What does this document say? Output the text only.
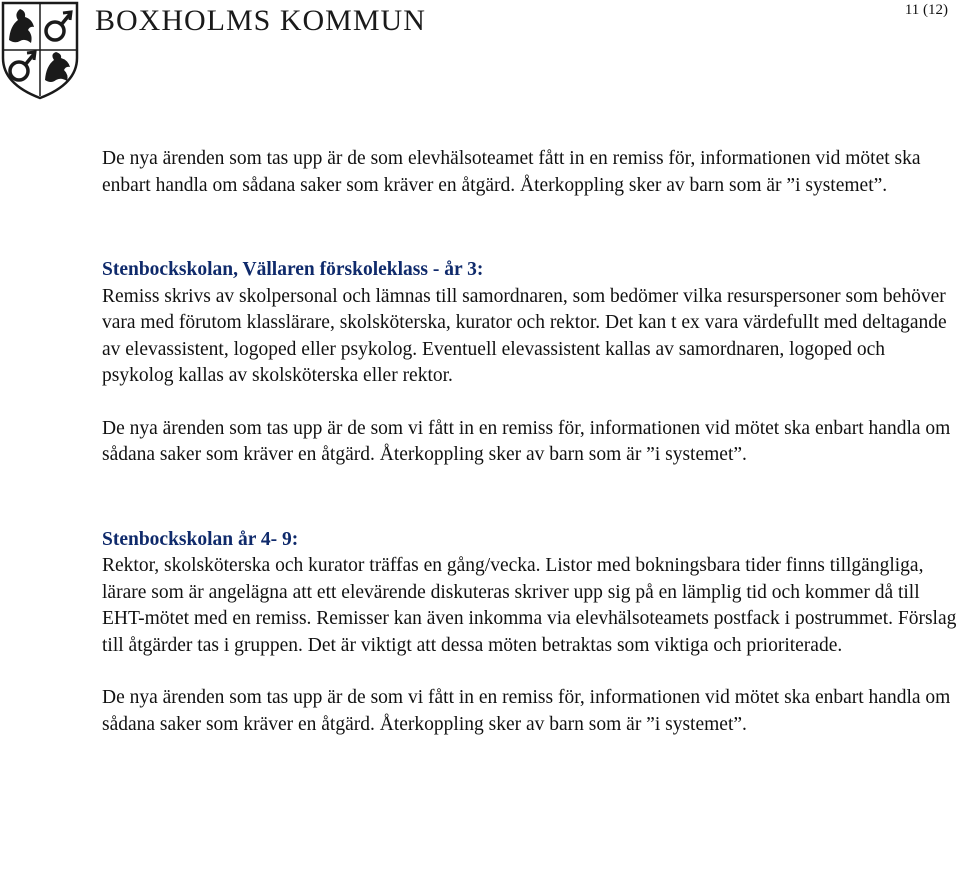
BOXHOLMS KOMMUN	11 (12)

De nya ärenden som tas upp är de som elevhälsoteamet fått in en remiss för, informationen vid mötet ska enbart handla om sådana saker som kräver en åtgärd. Återkoppling sker av barn som är ”i systemet”.

Stenbockskolan, Vällaren förskoleklass - år 3:

Remiss skrivs av skolpersonal och lämnas till samordnaren, som bedömer vilka resurspersoner som behöver vara med förutom klasslärare, skolsköterska, kurator och rektor. Det kan t ex vara värdefullt med deltagande av elevassistent, logoped eller psykolog. Eventuell elevassistent kallas av samordnaren, logoped och psykolog kallas av skolsköterska eller rektor.

De nya ärenden som tas upp är de som vi fått in en remiss för, informationen vid mötet ska enbart handla om sådana saker som kräver en åtgärd. Återkoppling sker av barn som är ”i systemet”.

Stenbockskolan år 4- 9:

Rektor, skolsköterska och kurator träffas en gång/vecka. Listor med bokningsbara tider finns tillgängliga, lärare som är angelägna att ett elevärende diskuteras skriver upp sig på en lämplig tid och kommer då till EHT-mötet med en remiss. Remisser kan även inkomma via elevhälsoteamets postfack i postrummet. Förslag till åtgärder tas i gruppen. Det är viktigt att dessa möten betraktas som viktiga och prioriterade.

De nya ärenden som tas upp är de som vi fått in en remiss för, informationen vid mötet ska enbart handla om sådana saker som kräver en åtgärd. Återkoppling sker av barn som är ”i systemet”.
